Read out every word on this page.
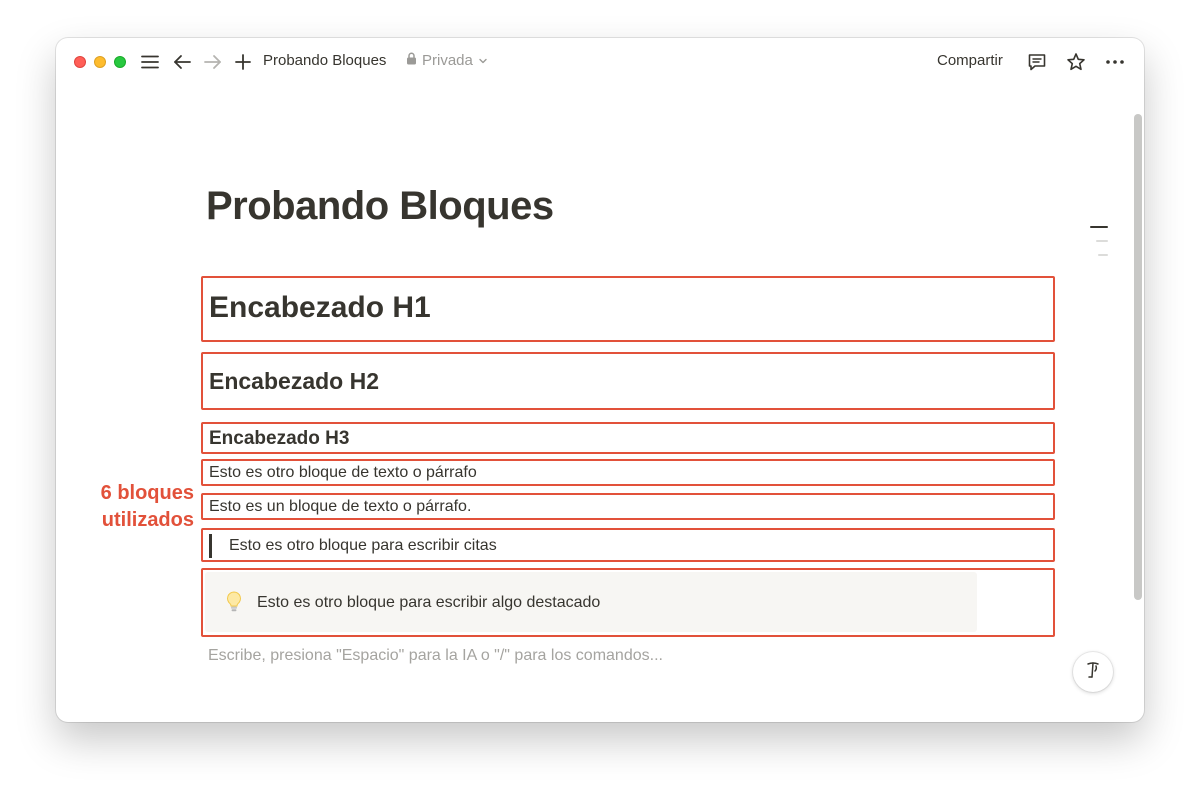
Probando Bloques Privada	Compartir
Probando Bloques
Encabezado H1
Encabezado H2
Encabezado H3
Esto es otro bloque de texto o párrafo
Esto es un bloque de texto o párrafo.
Esto es otro bloque para escribir citas
Esto es otro bloque para escribir algo destacado
Escribe, presiona "Espacio" para la IA o "/" para los comandos...
6 bloques
utilizados
